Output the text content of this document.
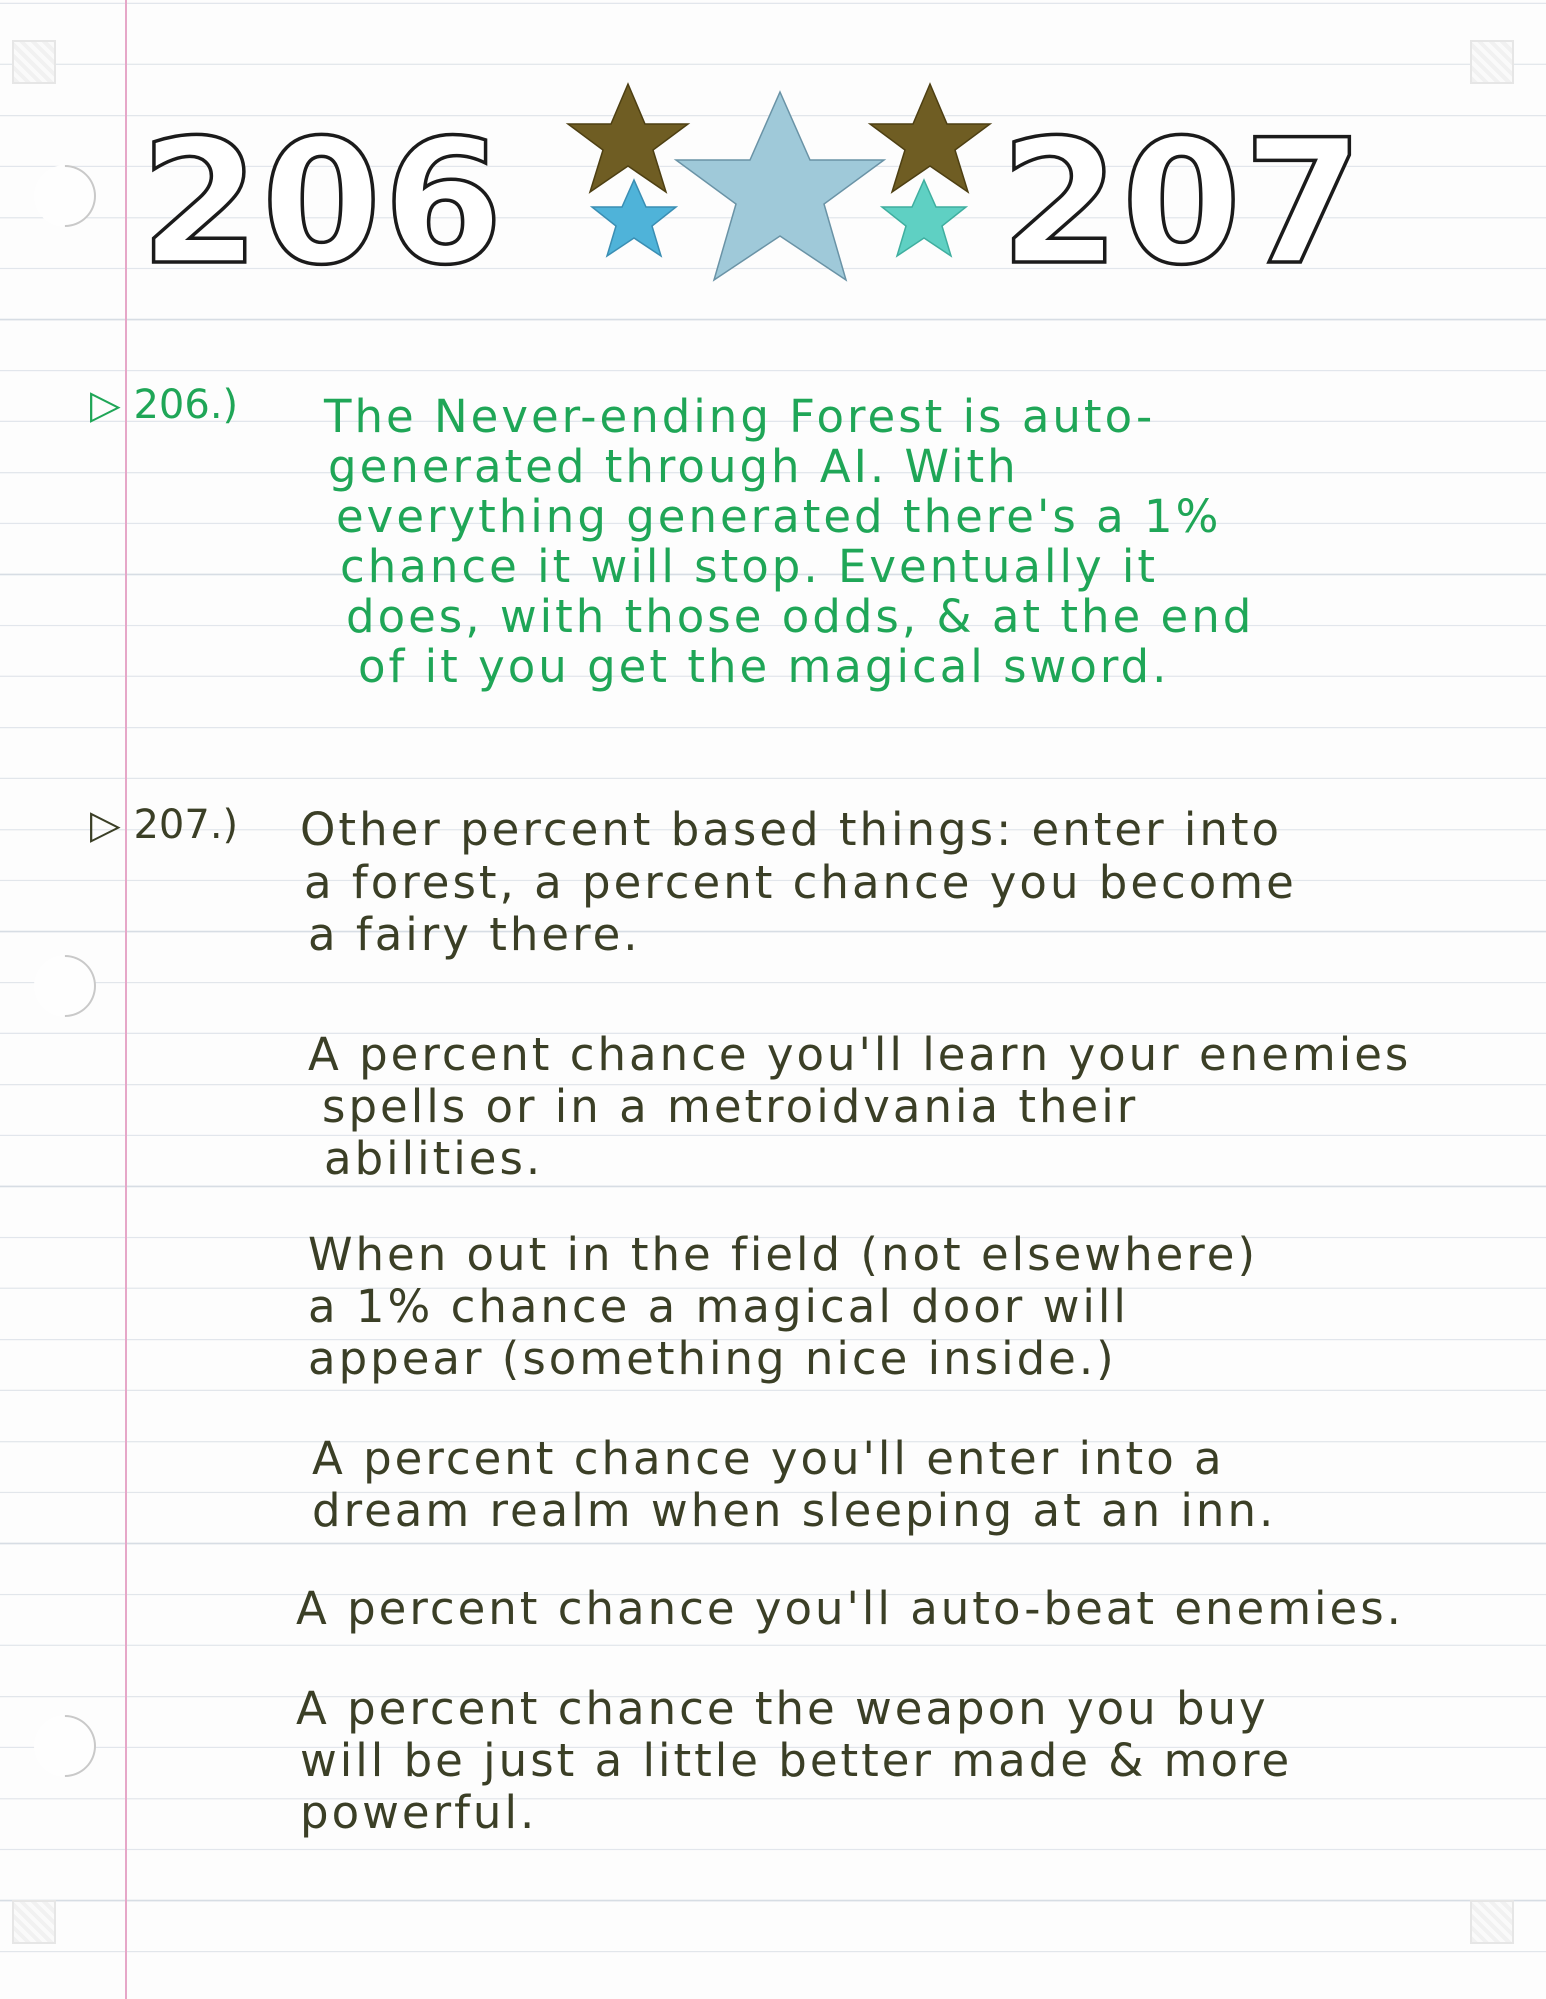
206	207
▷ 206.) The Never-ending Forest is auto-
generated through AI. With
everything generated there's a 1%
chance it will stop. Eventually it
does, with those odds, & at the end
of it you get the magical sword.
▷ 207.) Other percent based things: enter into
a forest, a percent chance you become
a fairy there.
A percent chance you'll learn your enemies
spells or in a metroidvania their
abilities.
When out in the field (not elsewhere)
a 1% chance a magical door will
appear (something nice inside.)
A percent chance you'll enter into a
dream realm when sleeping at an inn.
A percent chance you'll auto-beat enemies.
A percent chance the weapon you buy
will be just a little better made & more
powerful.
